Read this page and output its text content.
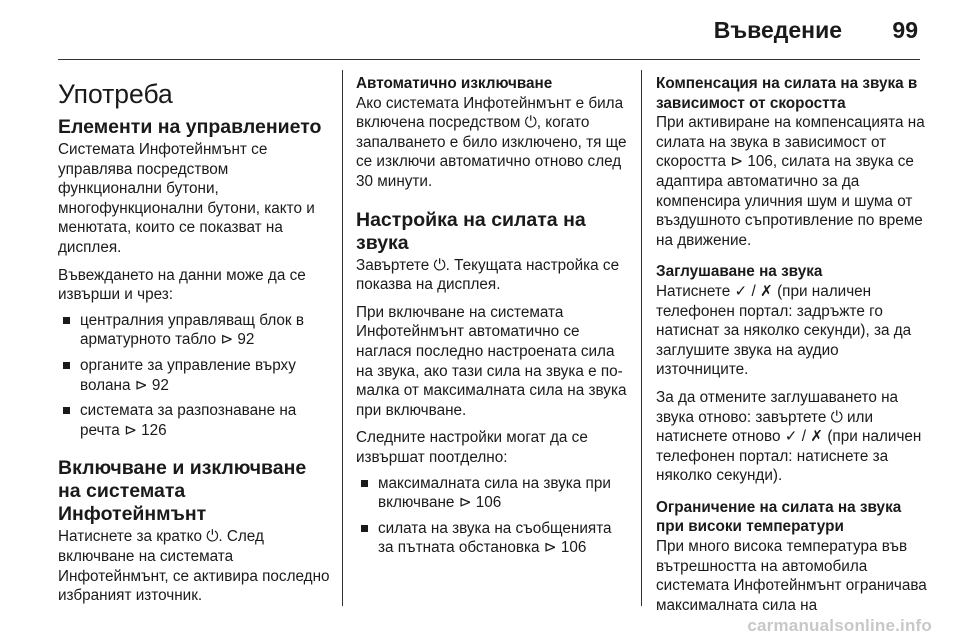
Въведение 99
Употреба
Елементи на управлението

Системата Инфотейнмънт се управлява посредством функционални бутони, многофункционални бутони, както и менютата, които се показват на дисплея.

Въвеждането на данни може да се извърши и чрез:

централния управляващ блок в арматурното табло ⊳ 92
органите за управление върху волана ⊳ 92
системата за разпознаване на речта ⊳ 126
Включване и изключване на системата Инфотейнмънт

Натиснете за кратко ⏻. След включване на системата Инфотейнмънт, се активира последно избраният източник.

Автоматично изключване

Ако системата Инфотейнмънт е била включена посредством ⏻, когато запалването е било изключено, тя ще се изключи автоматично отново след 30 минути.

Настройка на силата на звука

Завъртете ⏻. Текущата настройка се показва на дисплея.

При включване на системата Инфотейнмънт автоматично се наглася последно настроената сила на звука, ако тази сила на звука е по-малка от максималната сила на звука при включване.

Следните настройки могат да се извършат поотделно:

максималната сила на звука при включване ⊳ 106
силата на звука на съобщенията за пътната обстановка ⊳ 106
Компенсация на силата на звука в зависимост от скоростта

При активиране на компенсацията на силата на звука в зависимост от скоростта ⊳ 106, силата на звука се адаптира автоматично за да компенсира уличния шум и шума от въздушното съпротивление по време на движение.

Заглушаване на звука

Натиснете ✓ / ✗ (при наличен телефонен портал: задръжте го натиснат за няколко секунди), за да заглушите звука на аудио източниците.

За да отмените заглушаването на звука отново: завъртете ⏻ или натиснете отново ✓ / ✗ (при наличен телефонен портал: натиснете за няколко секунди).

Ограничение на силата на звука при високи температури

При много висока температура във вътрешността на автомобила системата Инфотейнмънт ограничава максималната сила на

carmanualsonline.info
